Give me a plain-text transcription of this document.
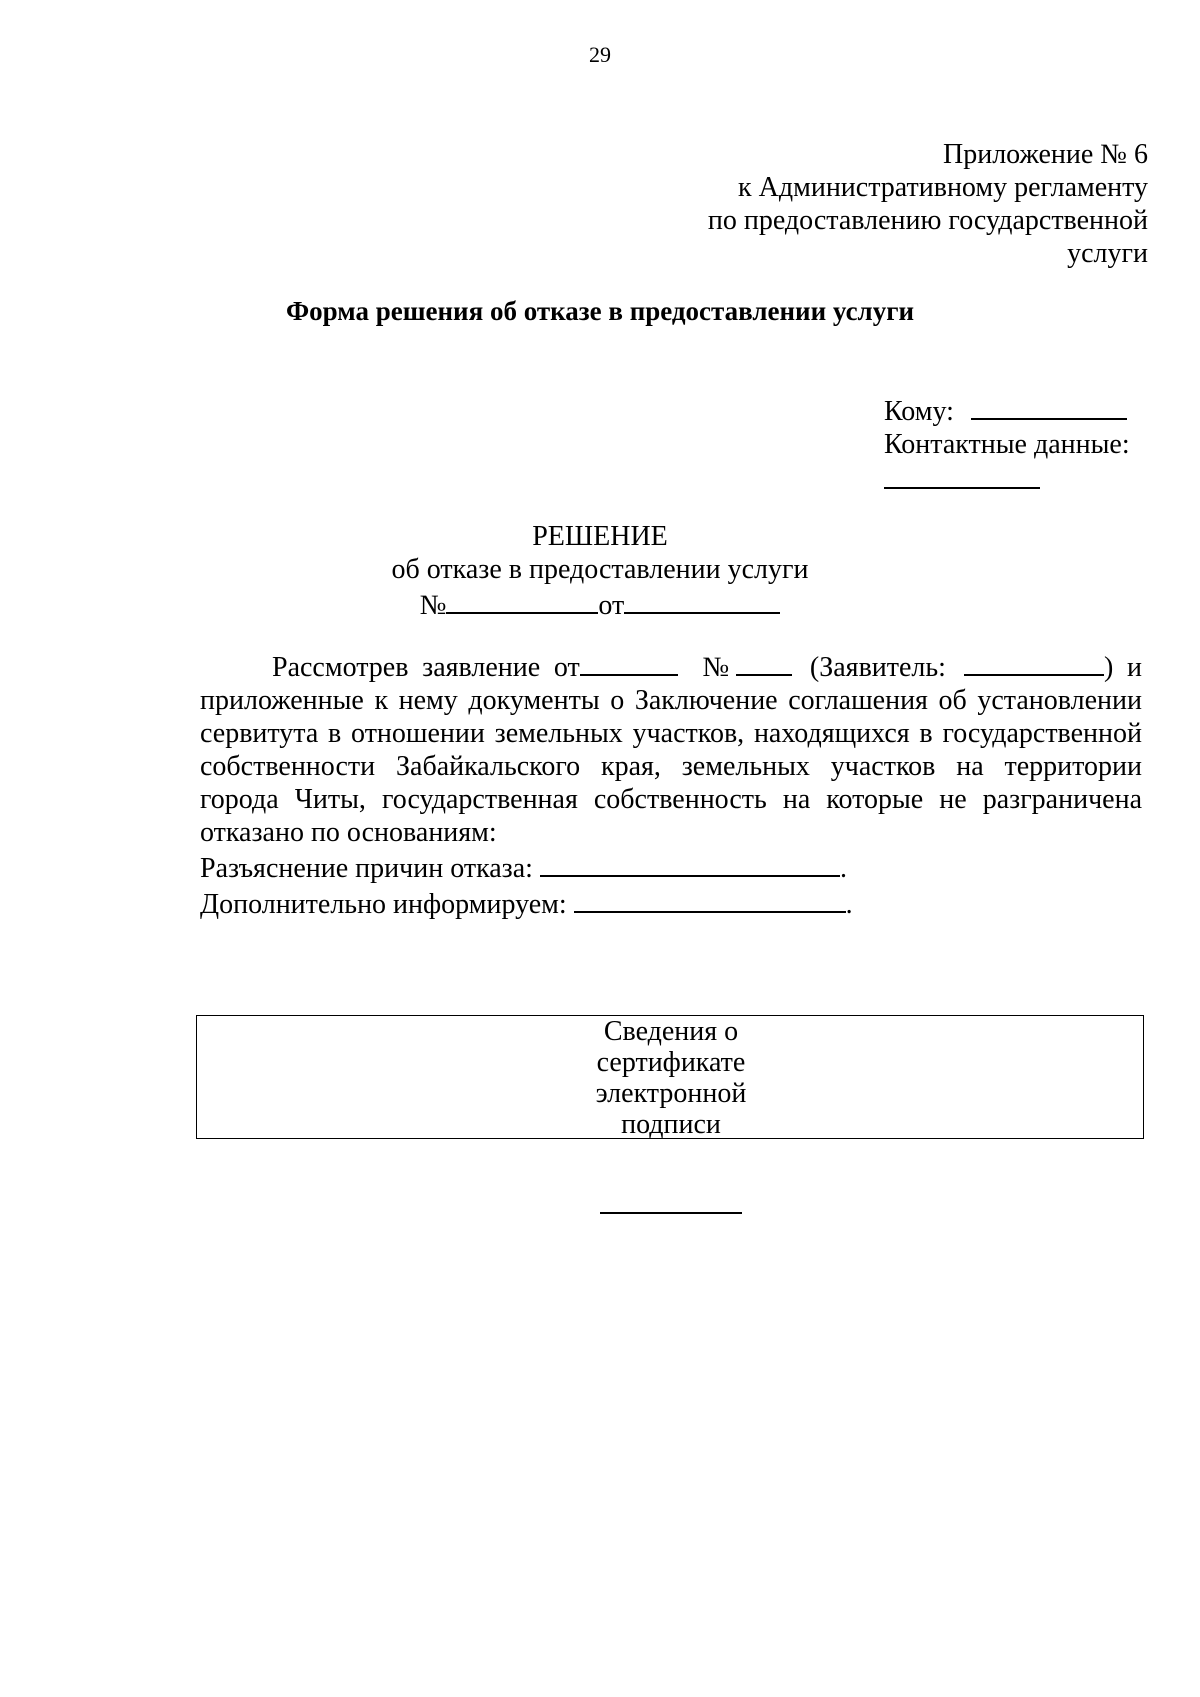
29
Приложение № 6
к Административному регламенту
по предоставлению государственной
услуги
Форма решения об отказе в предоставлении услуги
Кому:
Контактные данные:
РЕШЕНИЕ
об отказе в предоставлении услуги
№	от
Рассмотрев заявление от	№	(Заявитель:	) и приложенные к нему документы о Заключение соглашения об установлении сервитута в отношении земельных участков, находящихся в государственной собственности Забайкальского края, земельных участков на территории города Читы, государственная собственность на которые не разграничена отказано по основаниям:
Разъяснение причин отказа:	.
Дополнительно информируем:	.
Сведения о
сертификате
электронной
подписи
